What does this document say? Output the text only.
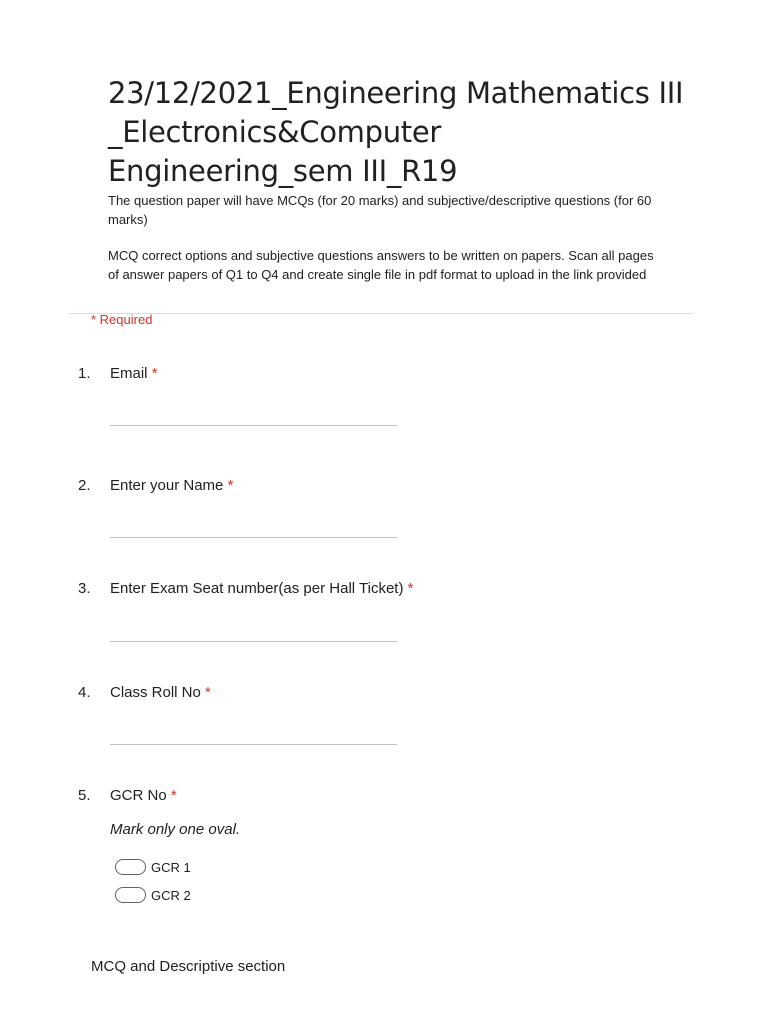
23/12/2021_Engineering Mathematics III _Electronics&Computer Engineering_sem III_R19

The question paper will have MCQs (for 20 marks) and subjective/descriptive questions (for 60 marks)

MCQ correct options and subjective questions answers to be written on papers. Scan all pages of answer papers of Q1 to Q4 and create single file in pdf format to upload in the link provided

* Required
1. Email *
2. Enter your Name *
3. Enter Exam Seat number(as per Hall Ticket) *
4. Class Roll No *
5. GCR No *
Mark only one oval.
GCR 1
GCR 2
MCQ and Descriptive section
